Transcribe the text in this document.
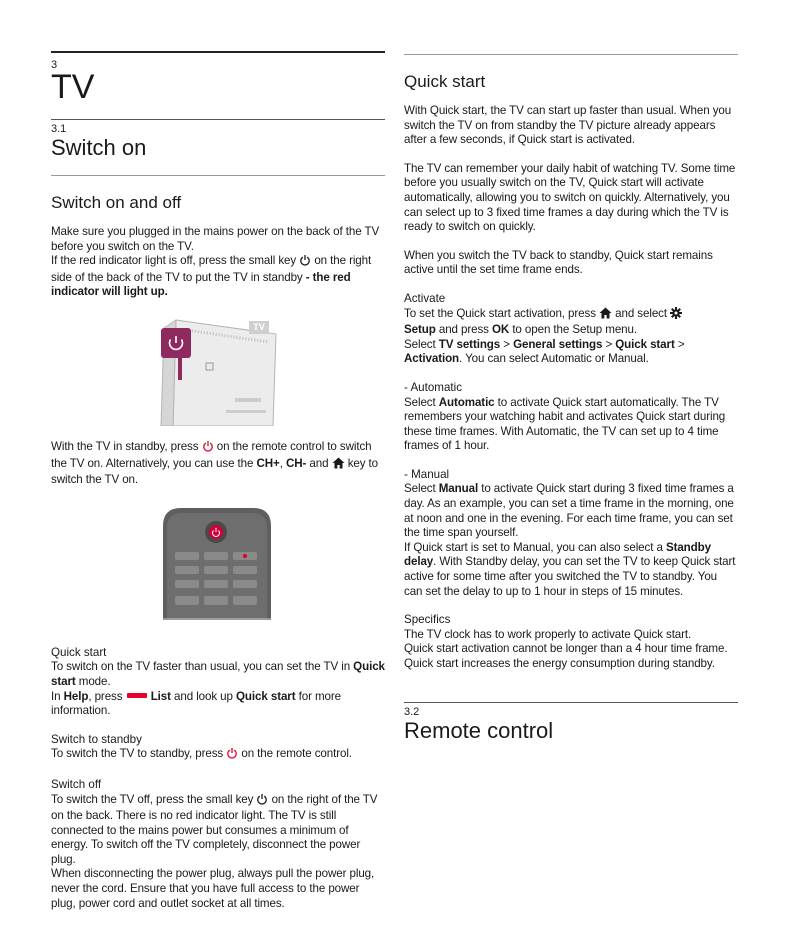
3
TV
3.1
Switch on
Switch on and off
Make sure you plugged in the mains power on the back of the TV before you switch on the TV.
If the red indicator light is off, press the small key on the right side of the back of the TV to put the TV in standby - the red indicator will light up.
TV
With the TV in standby, press on the remote control to switch the TV on. Alternatively, you can use the CH+, CH- and key to switch the TV on.
Quick start
To switch on the TV faster than usual, you can set the TV in Quick start mode.
In Help, press List and look up Quick start for more information.
Switch to standby
To switch the TV to standby, press on the remote control.
Switch off
To switch the TV off, press the small key on the right of the TV on the back. There is no red indicator light. The TV is still connected to the mains power but consumes a minimum of energy. To switch off the TV completely, disconnect the power plug.
When disconnecting the power plug, always pull the power plug, never the cord. Ensure that you have full access to the power plug, power cord and outlet socket at all times.
Quick start
With Quick start, the TV can start up faster than usual. When you switch the TV on from standby the TV picture already appears after a few seconds, if Quick start is activated.
The TV can remember your daily habit of watching TV. Some time before you usually switch on the TV, Quick start will activate automatically, allowing you to switch on quickly. Alternatively, you can select up to 3 fixed time frames a day during which the TV is ready to switch on quickly.
When you switch the TV back to standby, Quick start remains active until the set time frame ends.
Activate
To set the Quick start activation, press and select
Setup and press OK to open the Setup menu.
Select TV settings > General settings > Quick start > Activation. You can select Automatic or Manual.
- Automatic
Select Automatic to activate Quick start automatically. The TV remembers your watching habit and activates Quick start during these time frames. With Automatic, the TV can set up to 4 time frames of 1 hour.
- Manual
Select Manual to activate Quick start during 3 fixed time frames a day. As an example, you can set a time frame in the morning, one at noon and one in the evening. For each time frame, you can set the time span yourself.
If Quick start is set to Manual, you can also select a Standby delay. With Standby delay, you can set the TV to keep Quick start active for some time after you switched the TV to standby. You can set the delay to up to 1 hour in steps of 15 minutes.
Specifics
The TV clock has to work properly to activate Quick start.
Quick start activation cannot be longer than a 4 hour time frame.
Quick start increases the energy consumption during standby.
3.2
Remote control
